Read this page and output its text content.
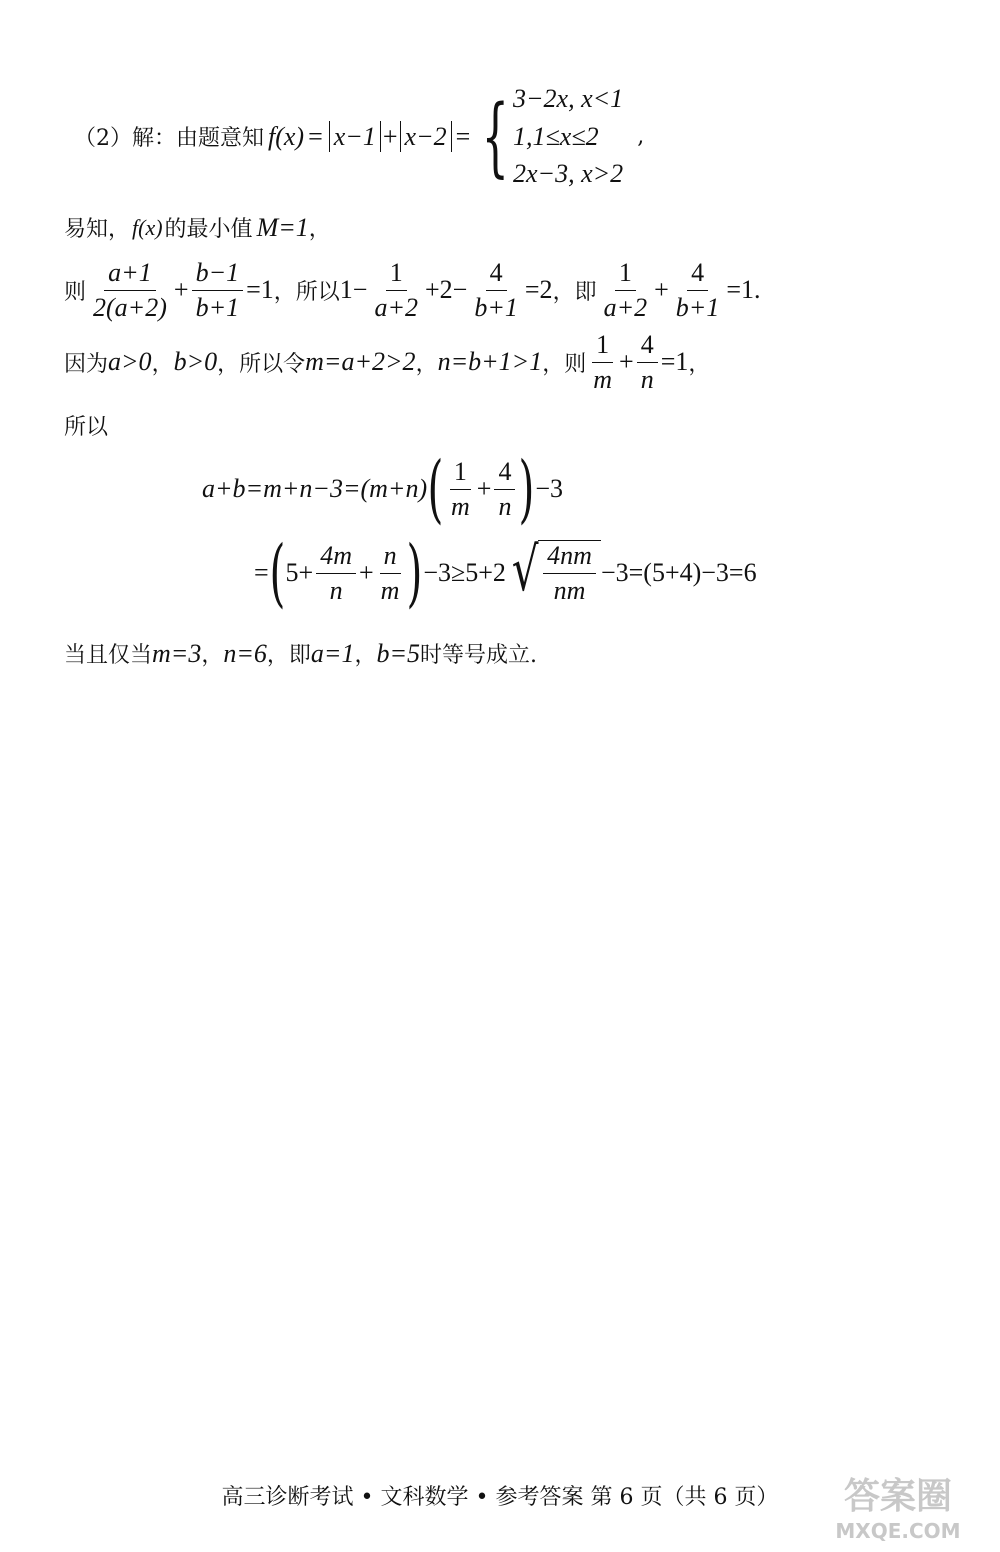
（2）解：由题意知 f(x) = x−1 + x−2 = { 3−2x, x<1
1,1≤x≤2
2x−3, x>2
,
易知， f(x) 的最小值 M=1 ，
则 $\frac{a+1}{2(a+2)} + \frac{b-1}{b+1} =1$ ，所以 $1- \frac{1}{a+2} +2- \frac{4}{b+1} =2$ ，即 $\frac{1}{a+2} + \frac{4}{b+1} =1$ .
因为 a>0 ， b>0 ，所以令 m=a+2>2 ， n=b+1>1 ，则 $\frac{1}{m} + \frac{4}{n} =1$ ，
所以
a+b=m+n−3=(m+n) ( $\frac{1}{m} + \frac{4}{n}$ ) −3
= ( $5+ \frac{4m}{n} + \frac{n}{m}$ ) −3≥5+2 √ $\frac{4nm}{nm} -3=(5+4)-3=6$
当且仅当 m=3 ， n=6 ，即 a=1 ， b=5 时等号成立.
高三诊断考试 • 文科数学 • 参考答案 第 6 页（共 6 页）	答案圈
MXQE.COM
